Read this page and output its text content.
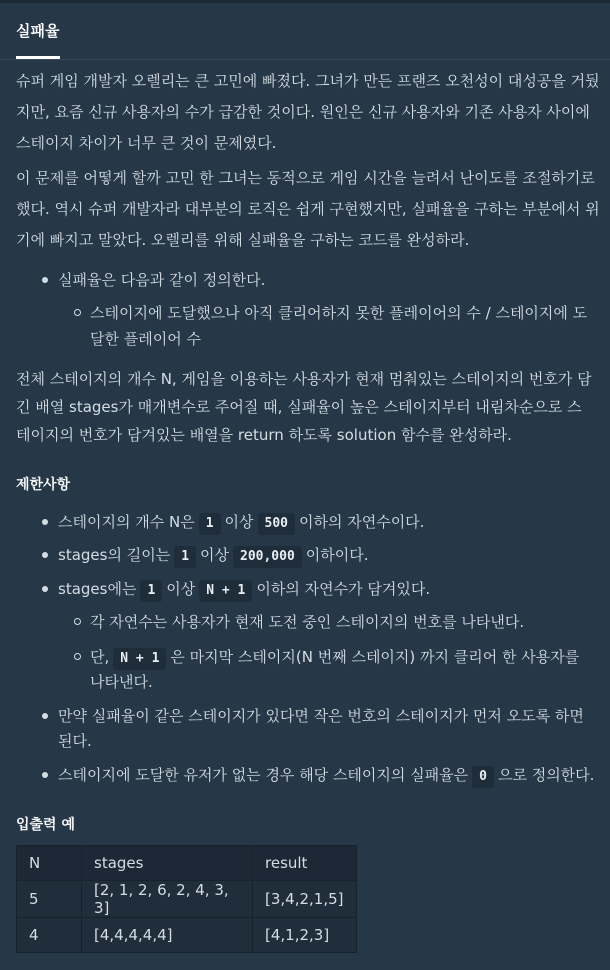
실패율

슈퍼 게임 개발자 오렐리는 큰 고민에 빠졌다. 그녀가 만든 프랜즈 오천성이 대성공을 거뒀지만, 요즘 신규 사용자의 수가 급감한 것이다. 원인은 신규 사용자와 기존 사용자 사이에 스테이지 차이가 너무 큰 것이 문제였다.

이 문제를 어떻게 할까 고민 한 그녀는 동적으로 게임 시간을 늘려서 난이도를 조절하기로 했다. 역시 슈퍼 개발자라 대부분의 로직은 쉽게 구현했지만, 실패율을 구하는 부분에서 위기에 빠지고 말았다. 오렐리를 위해 실패율을 구하는 코드를 완성하라.

실패율은 다음과 같이 정의한다.
스테이지에 도달했으나 아직 클리어하지 못한 플레이어의 수 / 스테이지에 도
달한 플레이어 수
전체 스테이지의 개수 N, 게임을 이용하는 사용자가 현재 멈춰있는 스테이지의 번호가 담
긴 배열 stages가 매개변수로 주어질 때, 실패율이 높은 스테이지부터 내림차순으로 스
테이지의 번호가 담겨있는 배열을 return 하도록 solution 함수를 완성하라.
제한사항
스테이지의 개수 N은 1 이상 500 이하의 자연수이다.
stages의 길이는 1 이상 200,000 이하이다.
stages에는 1 이상 N + 1 이하의 자연수가 담겨있다.
각 자연수는 사용자가 현재 도전 중인 스테이지의 번호를 나타낸다.
단, N + 1 은 마지막 스테이지(N 번째 스테이지) 까지 클리어 한 사용자를
나타낸다.
만약 실패율이 같은 스테이지가 있다면 작은 번호의 스테이지가 먼저 오도록 하면
된다.
스테이지에 도달한 유저가 없는 경우 해당 스테이지의 실패율은 0 으로 정의한다.
입출력 예
N	stages	result
5	[2, 1, 2, 6, 2, 4, 3, 3]	[3,4,2,1,5]
4	[4,4,4,4,4]	[4,1,2,3]
